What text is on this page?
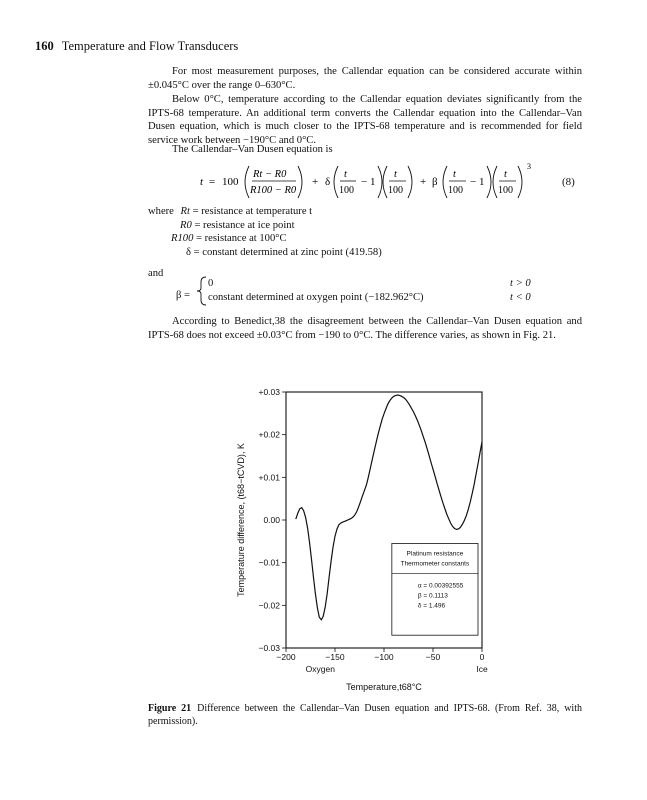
160 Temperature and Flow Transducers
For most measurement purposes, the Callendar equation can be considered accurate within ±0.045°C over the range 0–630°C.
Below 0°C, temperature according to the Callendar equation deviates significantly from the IPTS-68 temperature. An additional term converts the Callendar equation into the Callendar–Van Dusen equation, which is much closer to the IPTS-68 temperature and is recommended for field service work between −190°C and 0°C.
The Callendar–Van Dusen equation is
t = 100
Rt − R0
R100 − R0
+ δ
t
100
− 1
t
100
+ β
t
100
− 1
t
100
3
(8)
where Rt = resistance at temperature t
R0 = resistance at ice point
R100 = resistance at 100°C
δ = constant determined at zinc point (419.58)
and
β =
0	t > 0
constant determined at oxygen point (−182.962°C)	t < 0
According to Benedict,38 the disagreement between the Callendar–Van Dusen equation and IPTS-68 does not exceed ±0.03°C from −190 to 0°C. The difference varies, as shown in Fig. 21.
+0.03
+0.02
+0.01
0.00
−0.01
−0.02
−0.03
−200	−150	−100	−50	0
Oxygen	Ice
Temperature,t68°C
Temperature difference, (t68−tCVD), K	Platinum resistance
Thermometer constants
α = 0.00392555
β = 0.1113
δ = 1.496
Figure 21 Difference between the Callendar–Van Dusen equation and IPTS-68. (From Ref. 38, with permission).
